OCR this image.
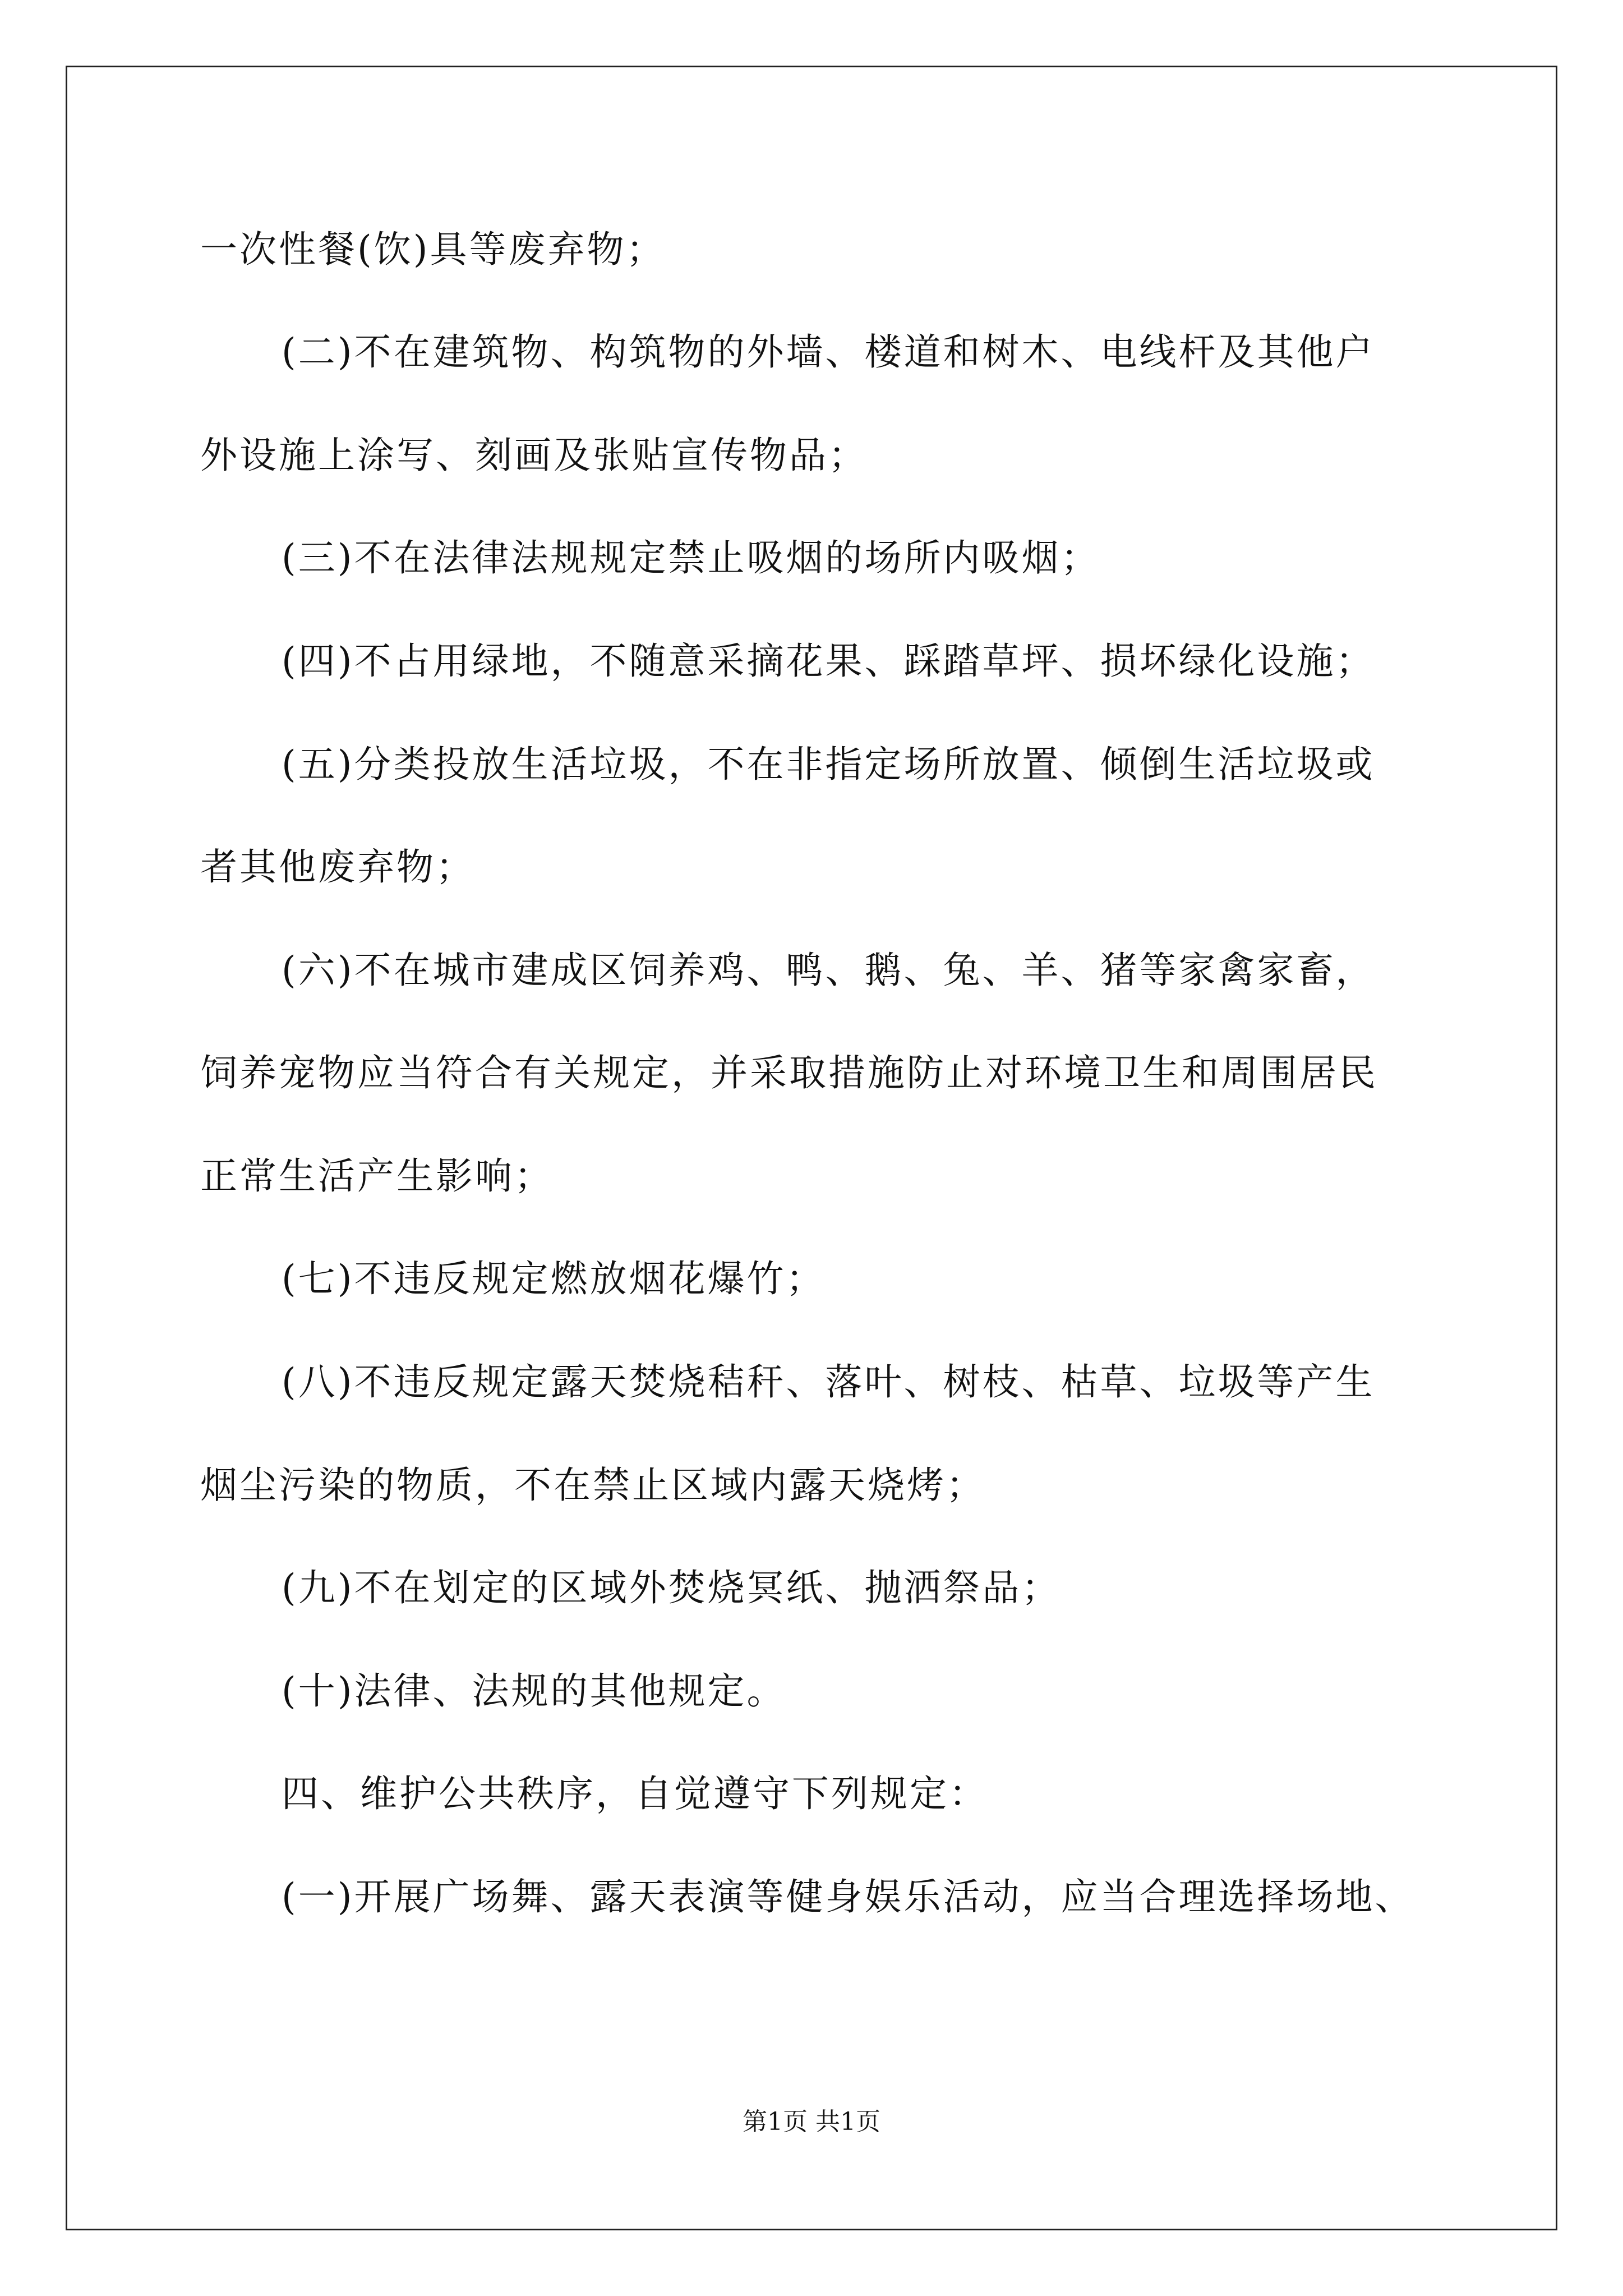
一次性餐(饮)具等废弃物；
(二)不在建筑物、构筑物的外墙、楼道和树木、电线杆及其他户
外设施上涂写、刻画及张贴宣传物品；
(三)不在法律法规规定禁止吸烟的场所内吸烟；
(四)不占用绿地，不随意采摘花果、踩踏草坪、损坏绿化设施；
(五)分类投放生活垃圾，不在非指定场所放置、倾倒生活垃圾或
者其他废弃物；
(六)不在城市建成区饲养鸡、鸭、鹅、兔、羊、猪等家禽家畜，
饲养宠物应当符合有关规定，并采取措施防止对环境卫生和周围居民
正常生活产生影响；
(七)不违反规定燃放烟花爆竹；
(八)不违反规定露天焚烧秸秆、落叶、树枝、枯草、垃圾等产生
烟尘污染的物质，不在禁止区域内露天烧烤；
(九)不在划定的区域外焚烧冥纸、抛洒祭品；
(十)法律、法规的其他规定。
四、维护公共秩序，自觉遵守下列规定：
(一)开展广场舞、露天表演等健身娱乐活动，应当合理选择场地、
第1页 共1页
